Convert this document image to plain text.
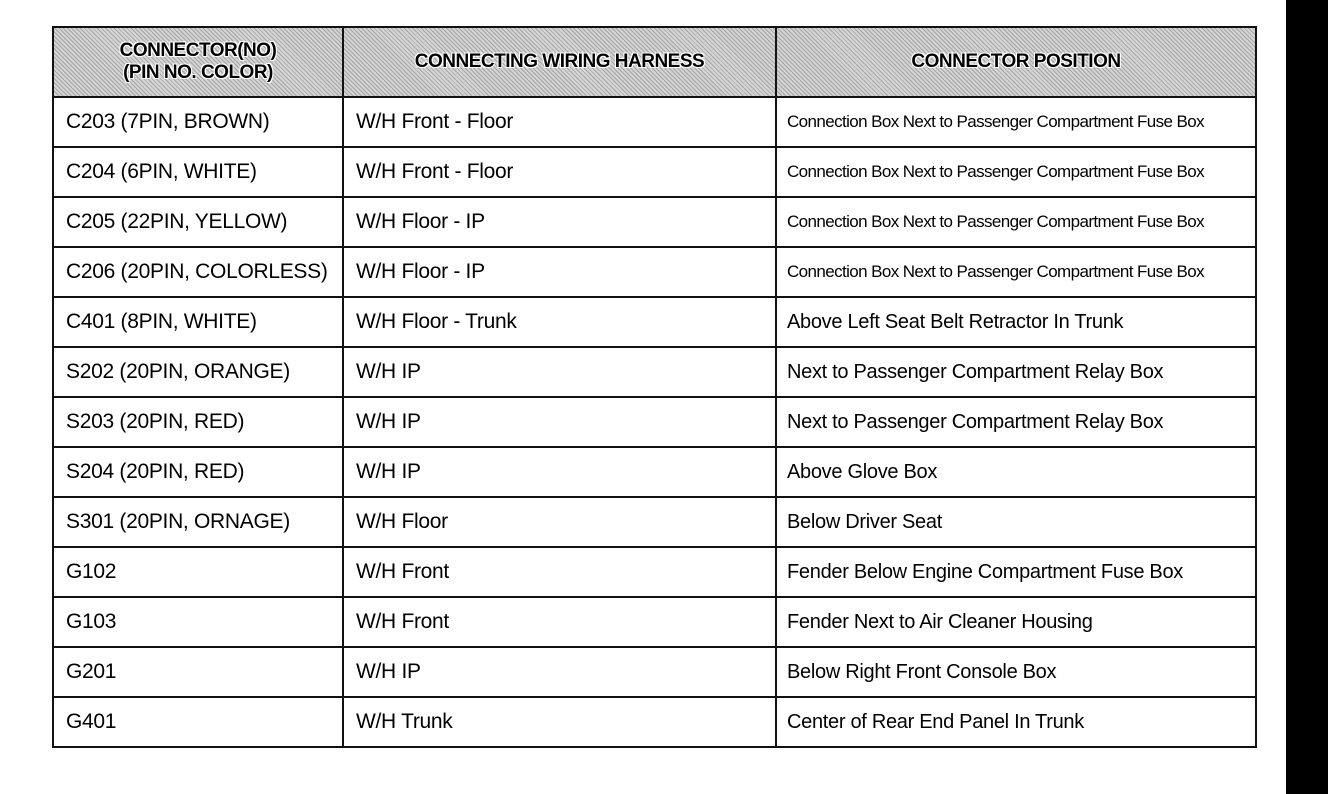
CONNECTOR(NO)
(PIN NO. COLOR)	CONNECTING WIRING HARNESS	CONNECTOR POSITION
C203 (7PIN, BROWN)	W/H Front - Floor	Connection Box Next to Passenger Compartment Fuse Box
C204 (6PIN, WHITE)	W/H Front - Floor	Connection Box Next to Passenger Compartment Fuse Box
C205 (22PIN, YELLOW)	W/H Floor - IP	Connection Box Next to Passenger Compartment Fuse Box
C206 (20PIN, COLORLESS)	W/H Floor - IP	Connection Box Next to Passenger Compartment Fuse Box
C401 (8PIN, WHITE)	W/H Floor - Trunk	Above Left Seat Belt Retractor In Trunk
S202 (20PIN, ORANGE)	W/H IP	Next to Passenger Compartment Relay Box
S203 (20PIN, RED)	W/H IP	Next to Passenger Compartment Relay Box
S204 (20PIN, RED)	W/H IP	Above Glove Box
S301 (20PIN, ORNAGE)	W/H Floor	Below Driver Seat
G102	W/H Front	Fender Below Engine Compartment Fuse Box
G103	W/H Front	Fender Next to Air Cleaner Housing
G201	W/H IP	Below Right Front Console Box
G401	W/H Trunk	Center of Rear End Panel In Trunk
